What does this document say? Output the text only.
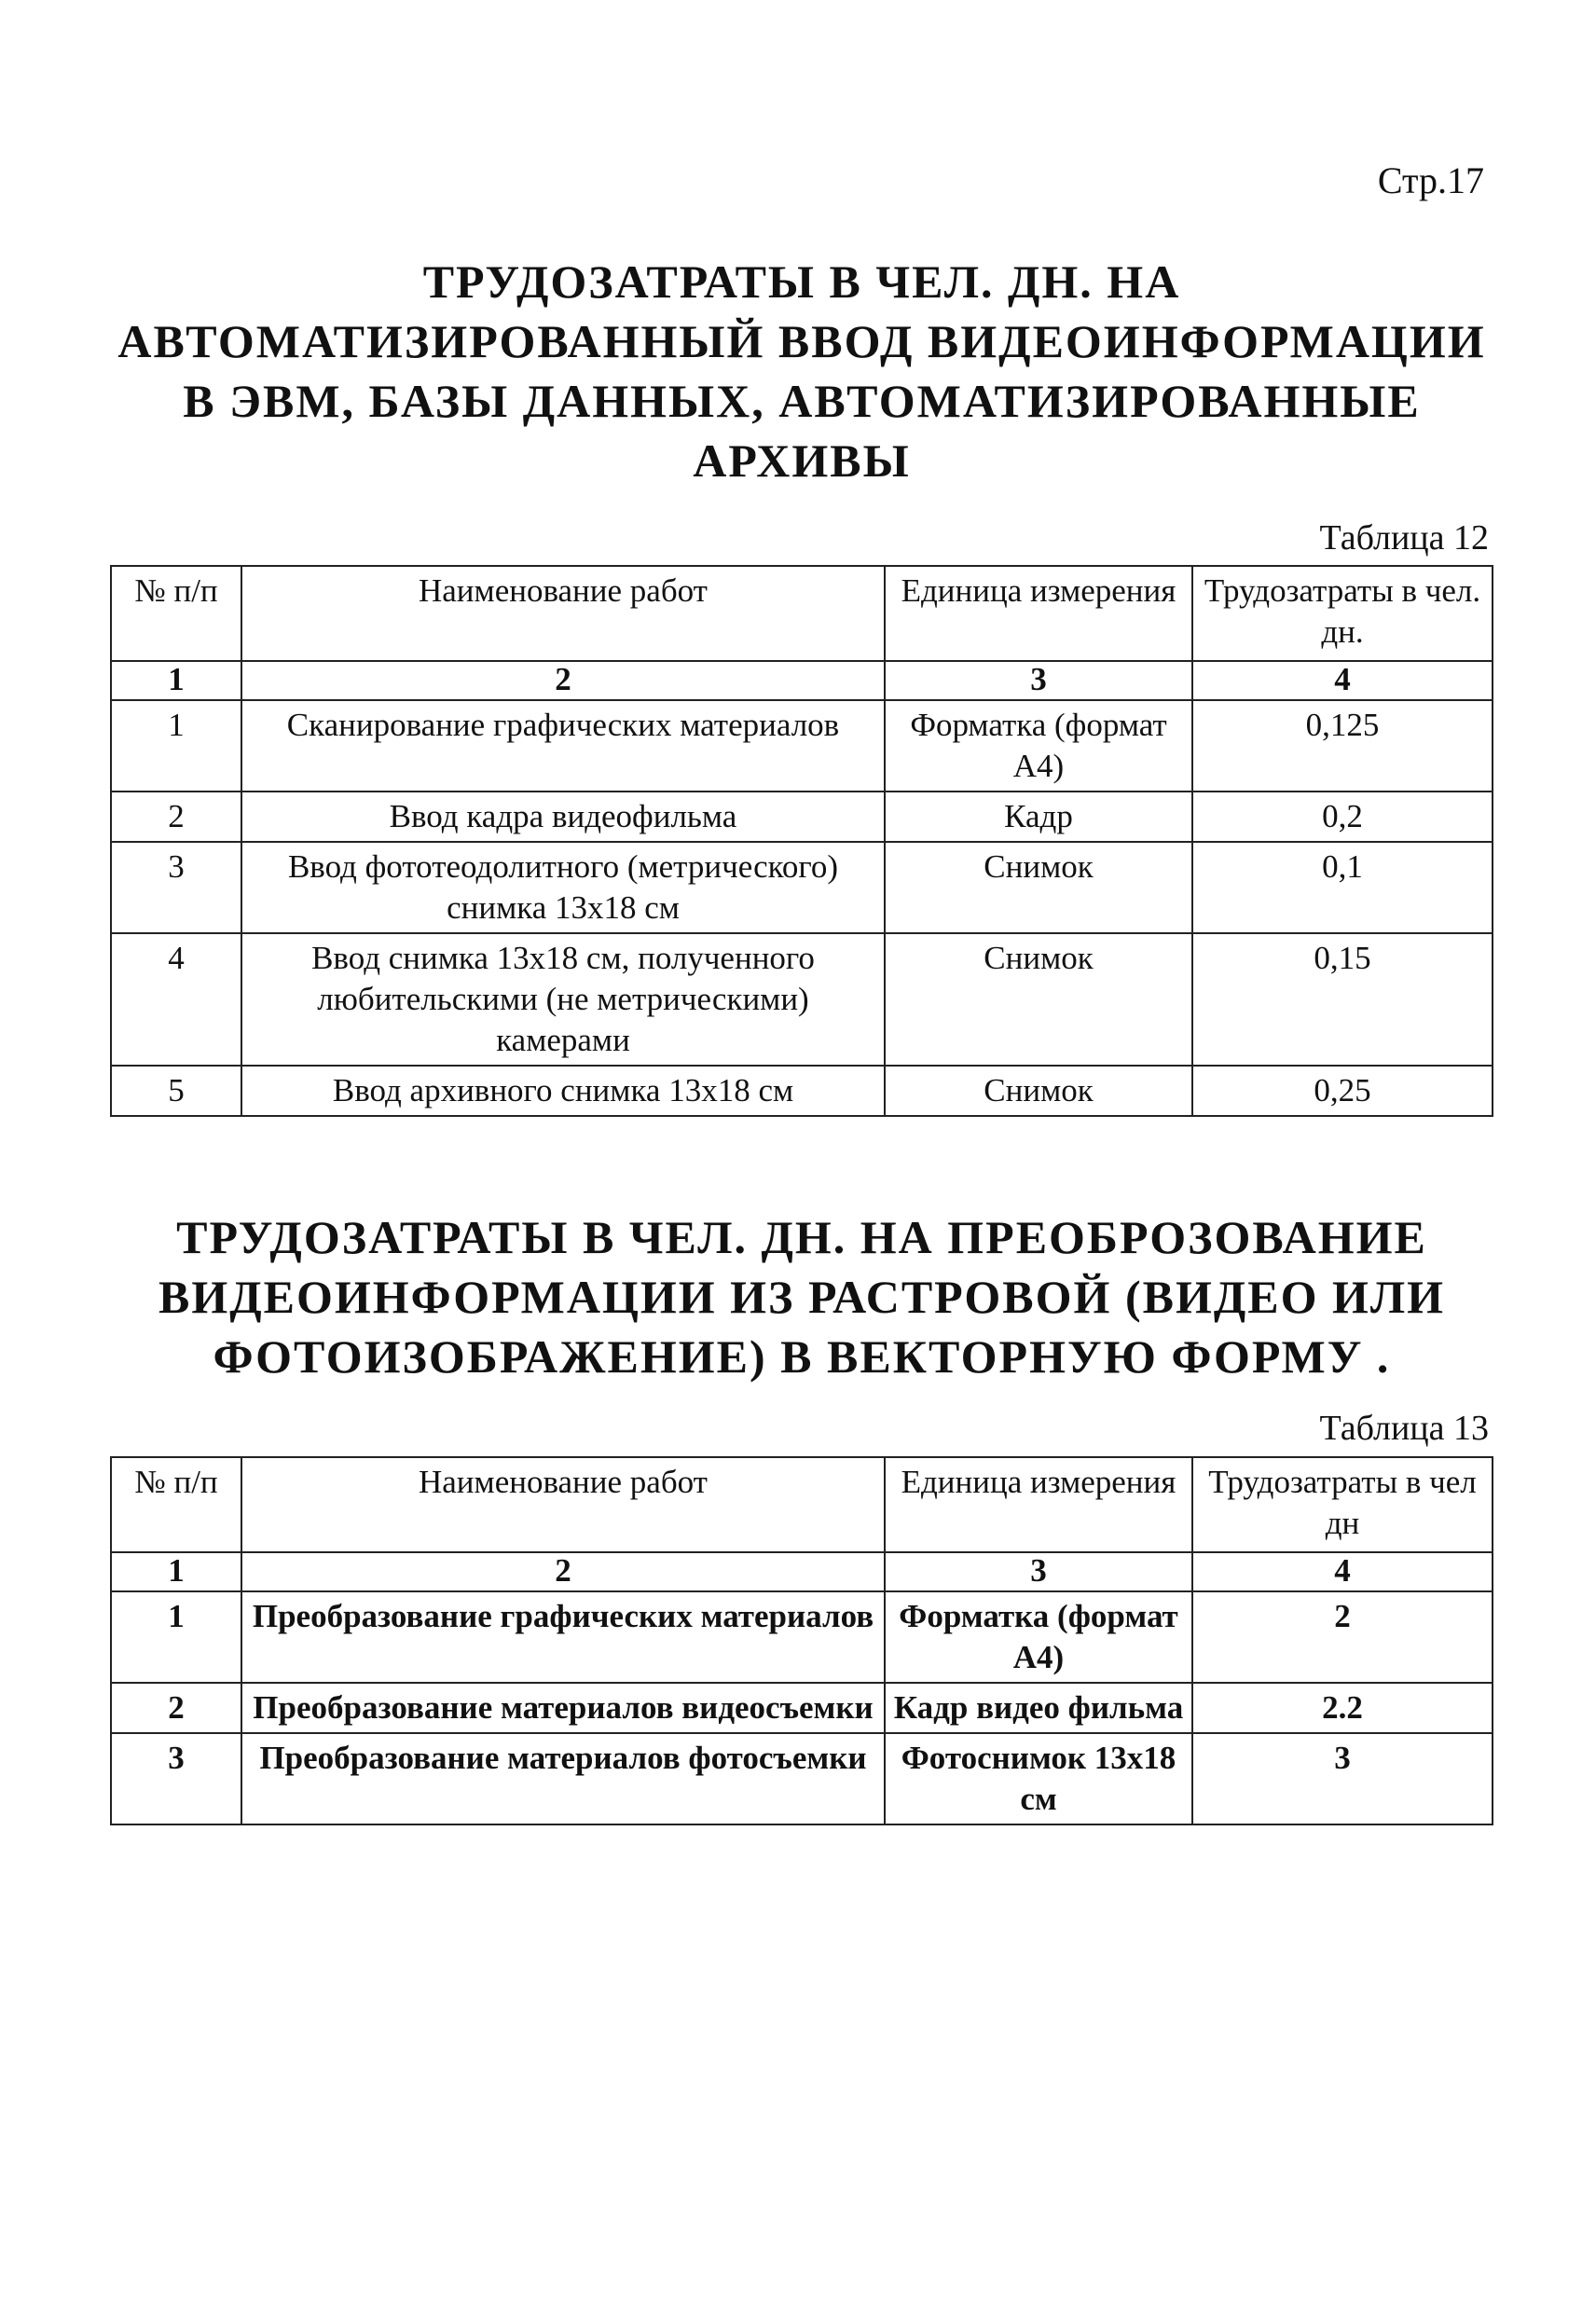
Стр.17
ТРУДОЗАТРАТЫ В ЧЕЛ. ДН. НА
АВТОМАТИЗИРОВАННЫЙ ВВОД ВИДЕОИНФОРМАЦИИ
В ЭВМ, БАЗЫ ДАННЫХ, АВТОМАТИЗИРОВАННЫЕ
АРХИВЫ
Таблица 12
№ п/п	Наименование работ	Единица измерения	Трудозатраты в чел. дн.
1	2	3	4
1	Сканирование графических материалов	Форматка (формат А4)	0,125
2	Ввод кадра видеофильма	Кадр	0,2
3	Ввод фототеодолитного (метрического) снимка 13x18 см	Снимок	0,1
4	Ввод снимка 13x18 см, полученного любительскими (не метрическими) камерами	Снимок	0,15
5	Ввод архивного снимка 13x18 см	Снимок	0,25
ТРУДОЗАТРАТЫ В ЧЕЛ. ДН. НА ПРЕОБРОЗОВАНИЕ
ВИДЕОИНФОРМАЦИИ ИЗ РАСТРОВОЙ (ВИДЕО ИЛИ
ФОТОИЗОБРАЖЕНИЕ) В ВЕКТОРНУЮ ФОРМУ .
Таблица 13
№ п/п	Наименование работ	Единица измерения	Трудозатраты в чел дн
1	2	3	4
1	Преобразование графических материалов	Форматка (формат А4)	2
2	Преобразование материалов видеосъемки	Кадр видео фильма	2.2
3	Преобразование материалов фотосъемки	Фотоснимок 13x18 см	3
